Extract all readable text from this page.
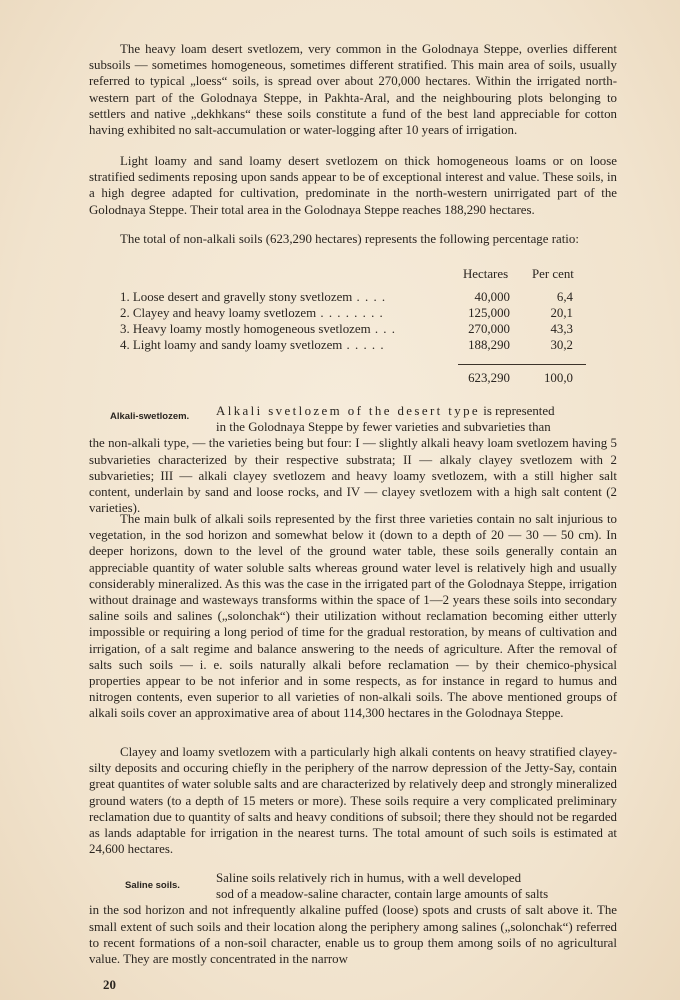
The heavy loam desert svetlozem, very common in the Golodnaya Steppe, overlies different subsoils — sometimes homogeneous, sometimes different stratified. This main area of soils, usually referred to typical „loess“ soils, is spread over about 270,000 hectares. Within the irrigated north-western part of the Golodnaya Steppe, in Pakhta-Aral, and the neighbouring plots belonging to settlers and native „dekhkans“ these soils constitute a fund of the best land appreciable for cotton having exhibited no salt-accumulation or water-logging after 10 years of irrigation.

Light loamy and sand loamy desert svetlozem on thick homogeneous loams or on loose stratified sediments reposing upon sands appear to be of exceptional interest and value. These soils, in a high degree adapted for cultivation, predominate in the north-western unirrigated part of the Golodnaya Steppe. Their total area in the Golodnaya Steppe reaches 188,290 hectares.

The total of non-alkali soils (623,290 hectares) represents the following percentage ratio:

Hectares Per cent
1. Loose desert and gravelly stony svetlozem . . . .	40,000	6,4
2. Clayey and heavy loamy svetlozem . . . . . . . .	125,000	20,1
3. Heavy loamy mostly homogeneous svetlozem . . .	270,000	43,3
4. Light loamy and sandy loamy svetlozem . . . . .	188,290	30,2
623,290	100,0
Alkali-swetlozem. Alkali svetlozem of the desert type is represented
in the Golodnaya Steppe by fewer varieties and subvarieties than
the non-alkali type, — the varieties being but four: I — slightly alkali heavy loam svetlozem having 5 subvarieties characterized by their respective substrata; II — alkaly clayey svetlozem with 2 subvarieties; III — alkali clayey svetlozem and heavy loamy svetlozem, with a still higher salt content, underlain by sand and loose rocks, and IV — clayey svetlozem with a high salt content (2 varieties).

The main bulk of alkali soils represented by the first three varieties contain no salt injurious to vegetation, in the sod horizon and somewhat below it (down to a depth of 20 — 30 — 50 cm). In deeper horizons, down to the level of the ground water table, these soils generally contain an appreciable quantity of water soluble salts whereas ground water level is relatively high and usually considerably mineralized. As this was the case in the irrigated part of the Golodnaya Steppe, irrigation without drainage and wasteways transforms within the space of 1—2 years these soils into secondary saline soils and salines („solonchak“) their utilization without reclamation becoming either utterly impossible or requiring a long period of time for the gradual restoration, by means of cultivation and irrigation, of a salt regime and balance answering to the needs of agriculture. After the removal of salts such soils — i. e. soils naturally alkali before reclamation — by their chemico-physical properties appear to be not inferior and in some respects, as for instance in regard to humus and nitrogen contents, even superior to all varieties of non-alkali soils. The above mentioned groups of alkali soils cover an approximative area of about 114,300 hectares in the Golodnaya Steppe.

Clayey and loamy svetlozem with a particularly high alkali contents on heavy stratified clayey-silty deposits and occuring chiefly in the periphery of the narrow depression of the Jetty-Say, contain great quantites of water soluble salts and are characterized by relatively deep and strongly mineralized ground waters (to a depth of 15 meters or more). These soils require a very complicated preliminary reclamation due to quantity of salts and heavy conditions of subsoil; there they should not be regarded as lands adaptable for irrigation in the nearest turns. The total amount of such soils is estimated at 24,600 hectares.

Saline soils.
Saline soils relatively rich in humus, with a well developed
sod of a meadow-saline character, contain large amounts of salts
in the sod horizon and not infrequently alkaline puffed (loose) spots and crusts of salt above it. The small extent of such soils and their location along the periphery among salines („solonchak“) referred to recent formations of a non-soil character, enable us to group them among soils of no agricultural value. They are mostly concentrated in the narrow
20
